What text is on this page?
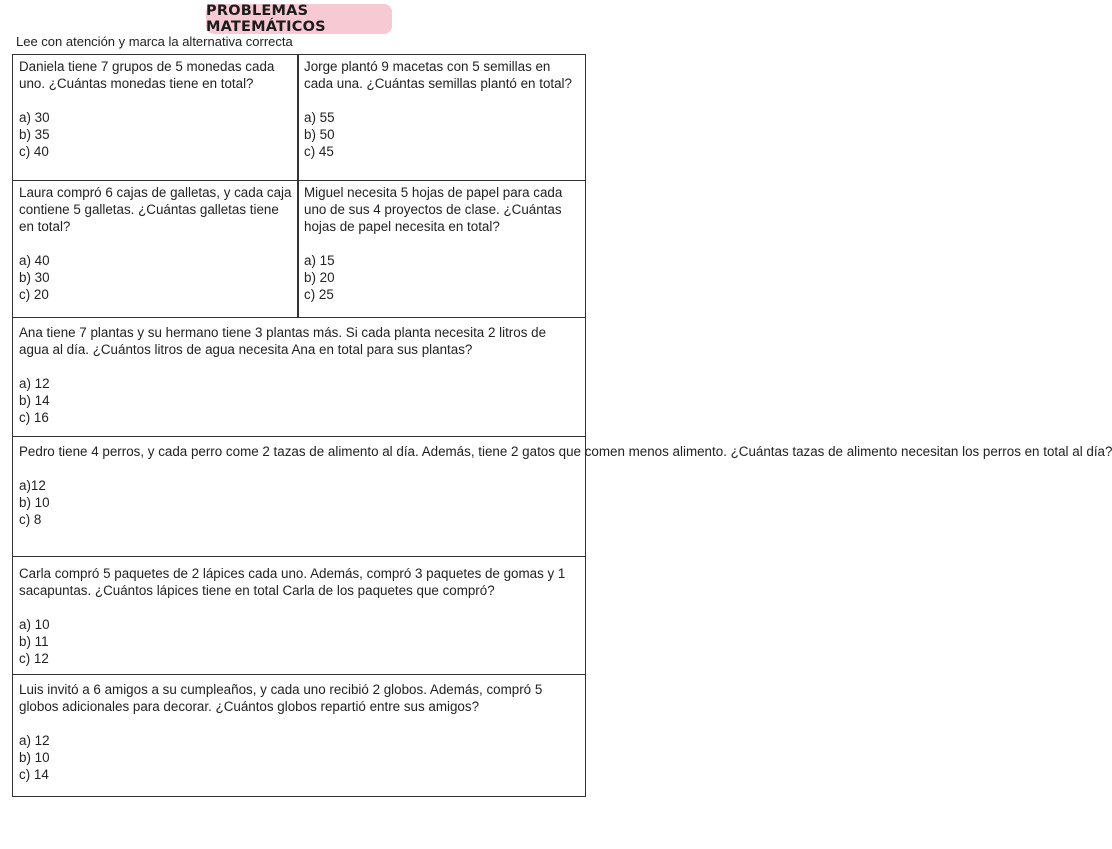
PROBLEMAS MATEMÁTICOS
Lee con atención y marca la alternativa correcta

Daniela tiene 7 grupos de 5 monedas cada uno. ¿Cuántas monedas tiene en total?

a) 30
b) 35
c) 40

Jorge plantó 9 macetas con 5 semillas en cada una. ¿Cuántas semillas plantó en total?

a) 55
b) 50
c) 45

Laura compró 6 cajas de galletas, y cada caja contiene 5 galletas. ¿Cuántas galletas tiene en total?

a) 40
b) 30
c) 20

Miguel necesita 5 hojas de papel para cada uno de sus 4 proyectos de clase. ¿Cuántas hojas de papel necesita en total?

a) 15
b) 20
c) 25

Ana tiene 7 plantas y su hermano tiene 3 plantas más. Si cada planta necesita 2 litros de agua al día. ¿Cuántos litros de agua necesita Ana en total para sus plantas?

a) 12
b) 14
c) 16

Pedro tiene 4 perros, y cada perro come 2 tazas de alimento al día. Además, tiene 2 gatos que comen menos alimento. ¿Cuántas tazas de alimento necesitan los perros en total al día?

a)12
b) 10
c) 8

Carla compró 5 paquetes de 2 lápices cada uno. Además, compró 3 paquetes de gomas y 1 sacapuntas. ¿Cuántos lápices tiene en total Carla de los paquetes que compró?

a) 10
b) 11
c) 12

Luis invitó a 6 amigos a su cumpleaños, y cada uno recibió 2 globos. Además, compró 5 globos adicionales para decorar. ¿Cuántos globos repartió entre sus amigos?

a) 12
b) 10
c) 14
